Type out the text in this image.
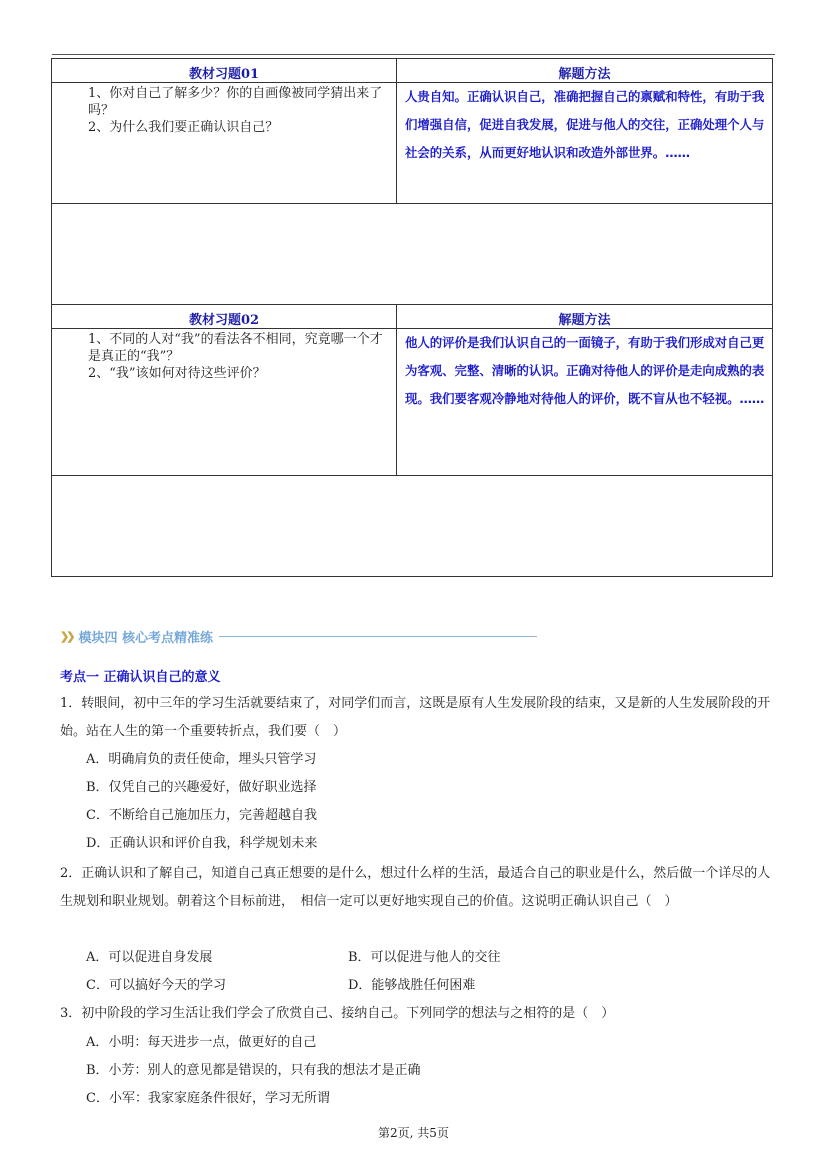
教材习题01	解题方法

1、你对自己了解多少？你的自画像被同学猜出来了吗？
2、为什么我们要正确认识自己？	人贵自知。正确认识自己，准确把握自己的禀赋和特性，有助于我们增强自信，促进自我发展，促进与他人的交往，正确处理个人与社会的关系，从而更好地认识和改造外部世界。……

教材习题02	解题方法

1、不同的人对“我”的看法各不相同，究竟哪一个才是真正的“我”？
2、“我”该如何对待这些评价？	他人的评价是我们认识自己的一面镜子，有助于我们形成对自己更为客观、完整、清晰的认识。正确对待他人的评价是走向成熟的表现。我们要客观冷静地对待他人的评价，既不盲从也不轻视。……

❯❯ 模块四 核心考点精准练
考点一 正确认识自己的意义
1．转眼间，初中三年的学习生活就要结束了，对同学们而言，这既是原有人生发展阶段的结束，又是新的人生发展阶段的开始。站在人生的第一个重要转折点，我们要（　）
A．明确肩负的责任使命，埋头只管学习
B．仅凭自己的兴趣爱好，做好职业选择
C．不断给自己施加压力，完善超越自我
D．正确认识和评价自我，科学规划未来
2．正确认识和了解自己，知道自己真正想要的是什么，想过什么样的生活，最适合自己的职业是什么，然后做一个详尽的人生规划和职业规划。朝着这个目标前进，　相信一定可以更好地实现自己的价值。这说明正确认识自己（　）
A．可以促进自身发展	B．可以促进与他人的交往
C．可以搞好今天的学习	D．能够战胜任何困难
3．初中阶段的学习生活让我们学会了欣赏自己、接纳自己。下列同学的想法与之相符的是（　）
A．小明：每天进步一点，做更好的自己
B．小芳：别人的意见都是错误的，只有我的想法才是正确
C．小军：我家家庭条件很好，学习无所谓
第2页, 共5页
